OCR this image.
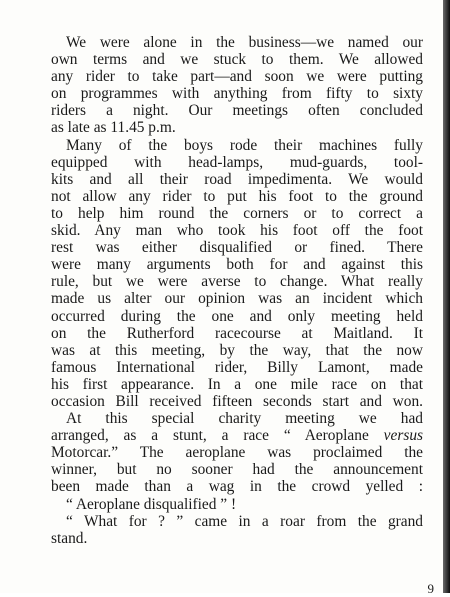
We were alone in the business—we named our
own terms and we stuck to them. We allowed
any rider to take part—and soon we were putting
on programmes with anything from fifty to sixty
riders a night. Our meetings often concluded
as late as 11.45 p.m.
Many of the boys rode their machines fully
equipped with head-lamps, mud-guards, tool-
kits and all their road impedimenta. We would
not allow any rider to put his foot to the ground
to help him round the corners or to correct a
skid. Any man who took his foot off the foot
rest was either disqualified or fined. There
were many arguments both for and against this
rule, but we were averse to change. What really
made us alter our opinion was an incident which
occurred during the one and only meeting held
on the Rutherford racecourse at Maitland. It
was at this meeting, by the way, that the now
famous International rider, Billy Lamont, made
his first appearance. In a one mile race on that
occasion Bill received fifteen seconds start and won.
At this special charity meeting we had
arranged, as a stunt, a race “ Aeroplane versus
Motorcar.” The aeroplane was proclaimed the
winner, but no sooner had the announcement
been made than a wag in the crowd yelled :
“ Aeroplane disqualified ” !
“ What for ? ” came in a roar from the grand
stand.
9
